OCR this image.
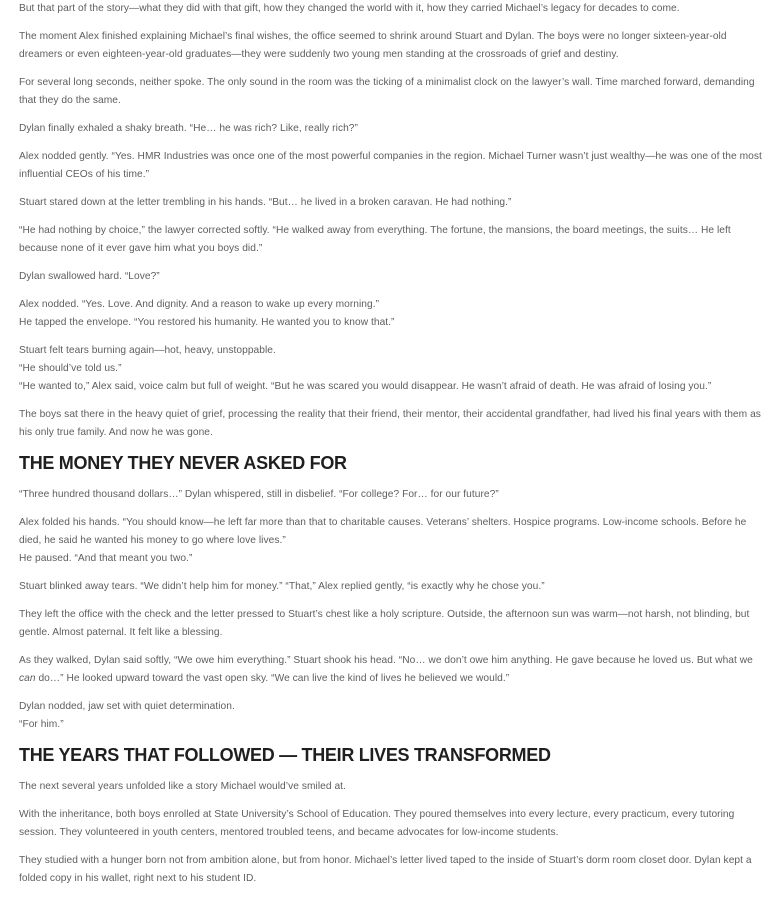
But that part of the story—what they did with that gift, how they changed the world with it, how they carried Michael’s legacy for decades to come.

The moment Alex finished explaining Michael’s final wishes, the office seemed to shrink around Stuart and Dylan. The boys were no longer sixteen-year-old dreamers or even eighteen-year-old graduates—they were suddenly two young men standing at the crossroads of grief and destiny.

For several long seconds, neither spoke. The only sound in the room was the ticking of a minimalist clock on the lawyer’s wall. Time marched forward, demanding that they do the same.

Dylan finally exhaled a shaky breath. “He… he was rich? Like, really rich?”

Alex nodded gently. “Yes. HMR Industries was once one of the most powerful companies in the region. Michael Turner wasn’t just wealthy—he was one of the most influential CEOs of his time.”

Stuart stared down at the letter trembling in his hands. “But… he lived in a broken caravan. He had nothing.”

“He had nothing by choice,” the lawyer corrected softly. “He walked away from everything. The fortune, the mansions, the board meetings, the suits… He left because none of it ever gave him what you boys did.”

Dylan swallowed hard. “Love?”

Alex nodded. “Yes. Love. And dignity. And a reason to wake up every morning.”
He tapped the envelope. “You restored his humanity. He wanted you to know that.”

Stuart felt tears burning again—hot, heavy, unstoppable.
“He should’ve told us.”
“He wanted to,” Alex said, voice calm but full of weight. “But he was scared you would disappear. He wasn’t afraid of death. He was afraid of losing you.”

The boys sat there in the heavy quiet of grief, processing the reality that their friend, their mentor, their accidental grandfather, had lived his final years with them as his only true family. And now he was gone.

THE MONEY THEY NEVER ASKED FOR

“Three hundred thousand dollars…” Dylan whispered, still in disbelief. “For college? For… for our future?”

Alex folded his hands. “You should know—he left far more than that to charitable causes. Veterans’ shelters. Hospice programs. Low-income schools. Before he died, he said he wanted his money to go where love lives.”
He paused. “And that meant you two.”

Stuart blinked away tears. “We didn’t help him for money.” “That,” Alex replied gently, “is exactly why he chose you.”

They left the office with the check and the letter pressed to Stuart’s chest like a holy scripture. Outside, the afternoon sun was warm—not harsh, not blinding, but gentle. Almost paternal. It felt like a blessing.

As they walked, Dylan said softly, “We owe him everything.” Stuart shook his head. “No… we don’t owe him anything. He gave because he loved us. But what we can do…” He looked upward toward the vast open sky. “We can live the kind of lives he believed we would.”

Dylan nodded, jaw set with quiet determination.
“For him.”

THE YEARS THAT FOLLOWED — THEIR LIVES TRANSFORMED

The next several years unfolded like a story Michael would’ve smiled at.

With the inheritance, both boys enrolled at State University’s School of Education. They poured themselves into every lecture, every practicum, every tutoring session. They volunteered in youth centers, mentored troubled teens, and became advocates for low-income students.

They studied with a hunger born not from ambition alone, but from honor. Michael’s letter lived taped to the inside of Stuart’s dorm room closet door. Dylan kept a folded copy in his wallet, right next to his student ID.
